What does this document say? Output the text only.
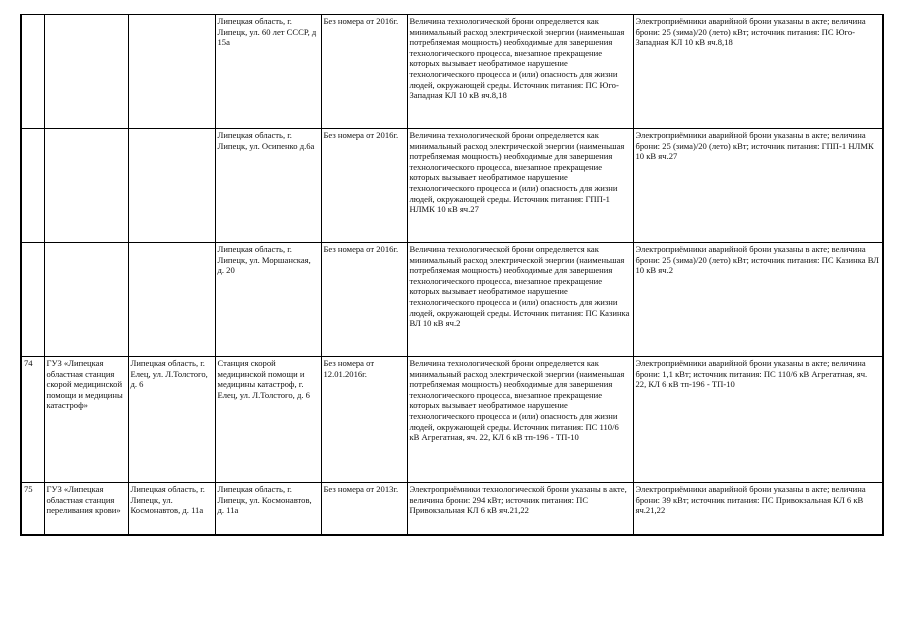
			Липецкая область, г. Липецк, ул. 60 лет СССР, д 15а	Без номера от 2016г.	Величина технологической брони определяется как минимальный расход электрической энергии (наименьшая потребляемая мощность) необходимые для завершения технологического процесса, внезапное прекращение которых вызывает необратимое нарушение технологического процесса и (или) опасность для жизни людей, окружающей среды. Источник питания: ПС Юго-Западная КЛ 10 кВ яч.8,18	Электроприёмники аварийной брони указаны в акте; величина брони: 25 (зима)/20 (лето) кВт; источник питания: ПС Юго-Западная КЛ 10 кВ яч.8,18
			Липецкая область, г. Липецк, ул. Осипенко д.6а	Без номера от 2016г.	Величина технологической брони определяется как минимальный расход электрической энергии (наименьшая потребляемая мощность) необходимые для завершения технологического процесса, внезапное прекращение которых вызывает необратимое нарушение технологического процесса и (или) опасность для жизни людей, окружающей среды. Источник питания: ГПП-1 НЛМК 10 кВ яч.27	Электроприёмники аварийной брони указаны в акте; величина брони: 25 (зима)/20 (лето) кВт; источник питания: ГПП-1 НЛМК 10 кВ яч.27
			Липецкая область, г. Липецк, ул. Моршанская, д. 20	Без номера от 2016г.	Величина технологической брони определяется как минимальный расход электрической энергии (наименьшая потребляемая мощность) необходимые для завершения технологического процесса, внезапное прекращение которых вызывает необратимое нарушение технологического процесса и (или) опасность для жизни людей, окружающей среды. Источник питания: ПС Казинка ВЛ 10 кВ яч.2	Электроприёмники аварийной брони указаны в акте; величина брони: 25 (зима)/20 (лето) кВт; источник питания: ПС Казинка ВЛ 10 кВ яч.2
74	ГУЗ «Липецкая областная станция скорой медицинской помощи и медицины катастроф»	Липецкая область, г. Елец, ул. Л.Толстого, д. 6	Станция скорой медицинской помощи и медицины катастроф, г. Елец, ул. Л.Толстого, д. 6	Без номера от 12.01.2016г.	Величина технологической брони определяется как минимальный расход электрической энергии (наименьшая потребляемая мощность) необходимые для завершения технологического процесса, внезапное прекращение которых вызывает необратимое нарушение технологического процесса и (или) опасность для жизни людей, окружающей среды. Источник питания: ПС 110/6 кВ Агрегатная, яч. 22, КЛ 6 кВ тп-196 - ТП-10	Электроприёмники аварийной брони указаны в акте; величина брони: 1,1 кВт; источник питания: ПС 110/6 кВ Агрегатная, яч. 22, КЛ 6 кВ тп-196 - ТП-10
75	ГУЗ «Липецкая областная станция переливания крови»	Липецкая область, г. Липецк, ул. Космонавтов, д. 11а	Липецкая область, г. Липецк, ул. Космонавтов, д. 11а	Без номера от 2013г.	Электроприёмники технологической брони указаны в акте, величина брони: 294 кВт; источник питания: ПС Привокзальная КЛ 6 кВ яч.21,22	Электроприёмники аварийной брони указаны в акте; величина брони: 39 кВт; источник питания: ПС Привокзальная КЛ 6 кВ яч.21,22
